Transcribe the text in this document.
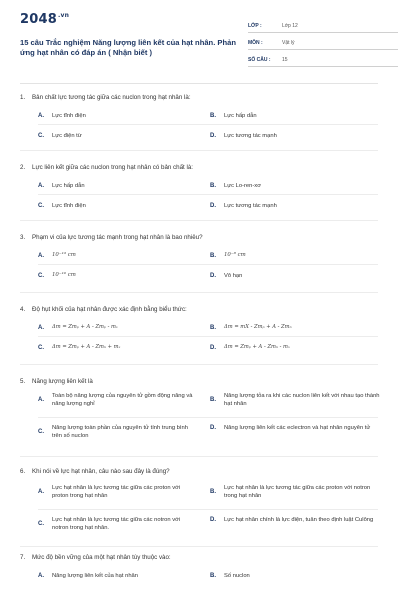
$2048^{.vn}$
15 câu Trắc nghiệm Năng lượng liên kết của hạt nhân. Phản ứng hạt nhân có đáp án ( Nhận biết )
LỚP :	Lớp 12
MÔN :	Vật lý
SỐ CÂU :	15
1. Bản chất lực tương tác giữa các nuclon trong hạt nhân là:
A.	Lực tĩnh điện	B.	Lực hấp dẫn
C.	Lực điện từ	D.	Lực tương tác mạnh
2. Lực liên kết giữa các nuclon trong hạt nhân có bản chất là:
A.	Lực hấp dẫn	B.	Lực Lo-ren-xơ
C.	Lực tĩnh điện	D.	Lực tương tác mạnh
3. Phạm vi của lực tương tác mạnh trong hạt nhân là bao nhiêu?
A.	10⁻¹³ cm	B.	10⁻⁸ cm
C.	10⁻¹⁰ cm	D.	Vô hạn
4. Độ hụt khối của hạt nhân được xác định bằng biểu thức:
A.	Δm = Zmₚ + A - Zmₚ - mₓ	B.	Δm = mX - Zmₚ + A - Zmₙ
C.	Δm = Zmₚ + A - Zmₙ + mₓ	D.	Δm = Zmₚ + A - Zmₙ - mₓ
5. Năng lượng liên kết là
A.
Toàn bộ năng lượng của nguyên tử gồm động năng và năng lượng nghỉ
B.
Năng lượng tỏa ra khi các nuclon liên kết với nhau tạo thành hạt nhân
C.
Năng lượng toàn phần của nguyên tử tính trung bình trên số nuclon
D.	Năng lượng liên kết các eclectron và hạt nhân nguyên tử
6. Khi nói về lực hạt nhân, câu nào sau đây là đúng?
A.
Lực hạt nhân là lực tương tác giữa các proton với proton trong hạt nhân
B.
Lực hạt nhân là lực tương tác giữa các proton với notron trong hạt nhân
C.
Lực hạt nhân là lực tương tác giữa các notron với notron trong hạt nhân.
D.	Lực hạt nhân chính là lực điện, tuân theo định luật Culông
7. Mức độ bền vững của một hạt nhân tùy thuộc vào:
A.	Năng lượng liên kết của hạt nhân	B.	Số nuclon
